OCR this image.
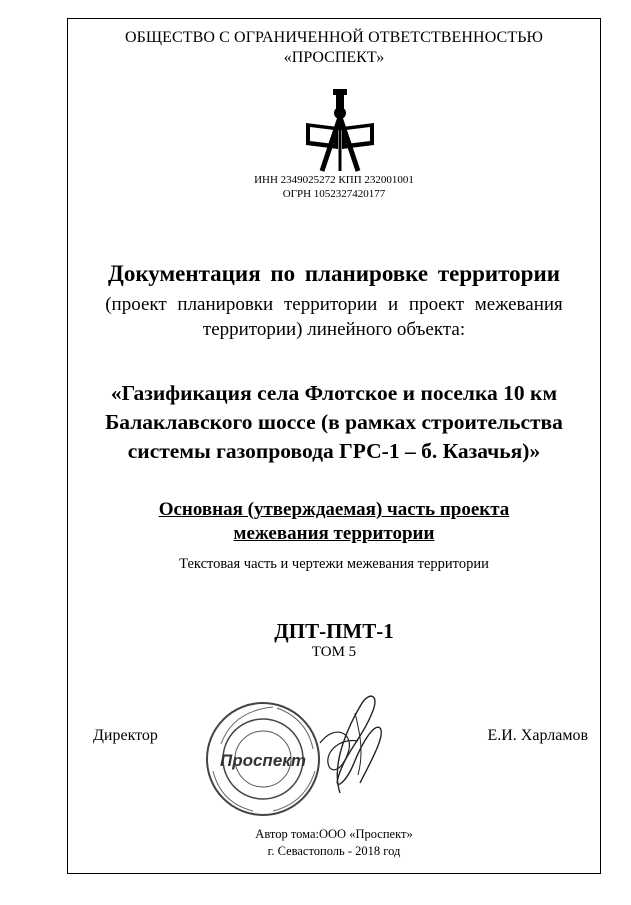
ОБЩЕСТВО С ОГРАНИЧЕННОЙ ОТВЕТСТВЕННОСТЬЮ
«ПРОСПЕКТ»
ИНН 2349025272 КПП 232001001
ОГРН 1052327420177
Документация по планировке территории
(проект планировки территории и проект межевания
территории) линейного объекта:
«Газификация села Флотское и поселка 10 км
Балаклавского шоссе (в рамках строительства
системы газопровода ГРС-1 – б. Казачья)»
Основная (утверждаемая) часть проекта
межевания территории
Текстовая часть и чертежи межевания территории
ДПТ-ПМТ-1
ТОМ 5
Директор	Е.И. Харламов
Проспект
Автор тома:ООО «Проспект»
г. Севастополь - 2018 год
